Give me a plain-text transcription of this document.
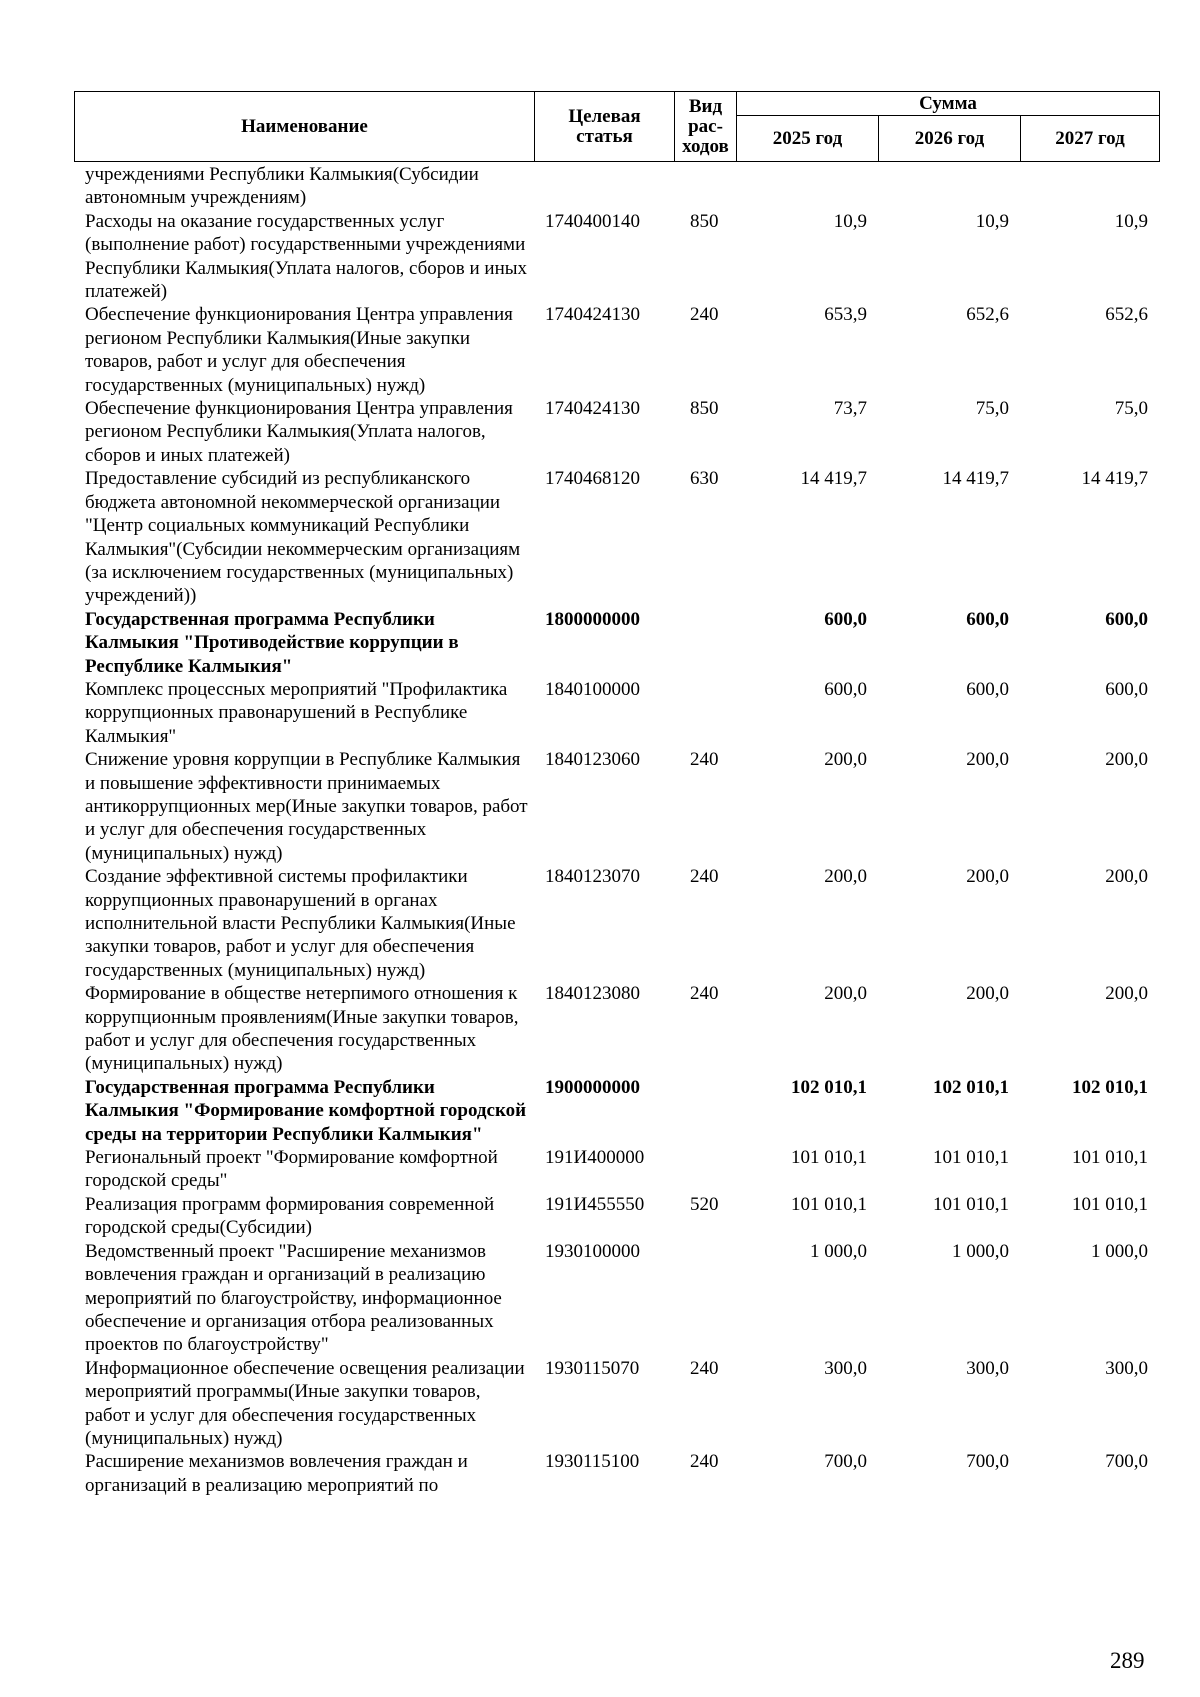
Наименование	Целевая статья	Вид рас-ходов	Сумма		
			2025 год	2026 год	2027 год
учреждениями Республики Калмыкия(Субсидии автономным учреждениям)					
Расходы на оказание государственных услуг (выполнение работ) государственными учреждениями Республики Калмыкия(Уплата налогов, сборов и иных платежей)	1740400140	850	10,9	10,9	10,9
Обеспечение функционирования Центра управления регионом Республики Калмыкия(Иные закупки товаров, работ и услуг для обеспечения государственных (муниципальных) нужд)	1740424130	240	653,9	652,6	652,6
Обеспечение функционирования Центра управления регионом Республики Калмыкия(Уплата налогов, сборов и иных платежей)	1740424130	850	73,7	75,0	75,0
Предоставление субсидий из республиканского бюджета автономной некоммерческой организации "Центр социальных коммуникаций Республики Калмыкия"(Субсидии некоммерческим организациям (за исключением государственных (муниципальных) учреждений))	1740468120	630	14 419,7	14 419,7	14 419,7
Государственная программа Республики Калмыкия "Противодействие коррупции в Республике Калмыкия"	1800000000		600,0	600,0	600,0
Комплекс процессных мероприятий "Профилактика коррупционных правонарушений в Республике Калмыкия"	1840100000		600,0	600,0	600,0
Снижение уровня коррупции в Республике Калмыкия и повышение эффективности принимаемых антикоррупционных мер(Иные закупки товаров, работ и услуг для обеспечения государственных (муниципальных) нужд)	1840123060	240	200,0	200,0	200,0
Создание эффективной системы профилактики коррупционных правонарушений в органах исполнительной власти Республики Калмыкия(Иные закупки товаров, работ и услуг для обеспечения государственных (муниципальных) нужд)	1840123070	240	200,0	200,0	200,0
Формирование в обществе нетерпимого отношения к коррупционным проявлениям(Иные закупки товаров, работ и услуг для обеспечения государственных (муниципальных) нужд)	1840123080	240	200,0	200,0	200,0
Государственная программа Республики Калмыкия "Формирование комфортной городской среды на территории Республики Калмыкия"	1900000000		102 010,1	102 010,1	102 010,1
Региональный проект "Формирование комфортной городской среды"	191И400000		101 010,1	101 010,1	101 010,1
Реализация программ формирования современной городской среды(Субсидии)	191И455550	520	101 010,1	101 010,1	101 010,1
Ведомственный проект "Расширение механизмов вовлечения граждан и организаций в реализацию мероприятий по благоустройству, информационное обеспечение и организация отбора реализованных проектов по благоустройству"	1930100000		1 000,0	1 000,0	1 000,0
Информационное обеспечение освещения реализации мероприятий программы(Иные закупки товаров, работ и услуг для обеспечения государственных (муниципальных) нужд)	1930115070	240	300,0	300,0	300,0
Расширение механизмов вовлечения граждан и организаций в реализацию мероприятий по	1930115100	240	700,0	700,0	700,0
289
